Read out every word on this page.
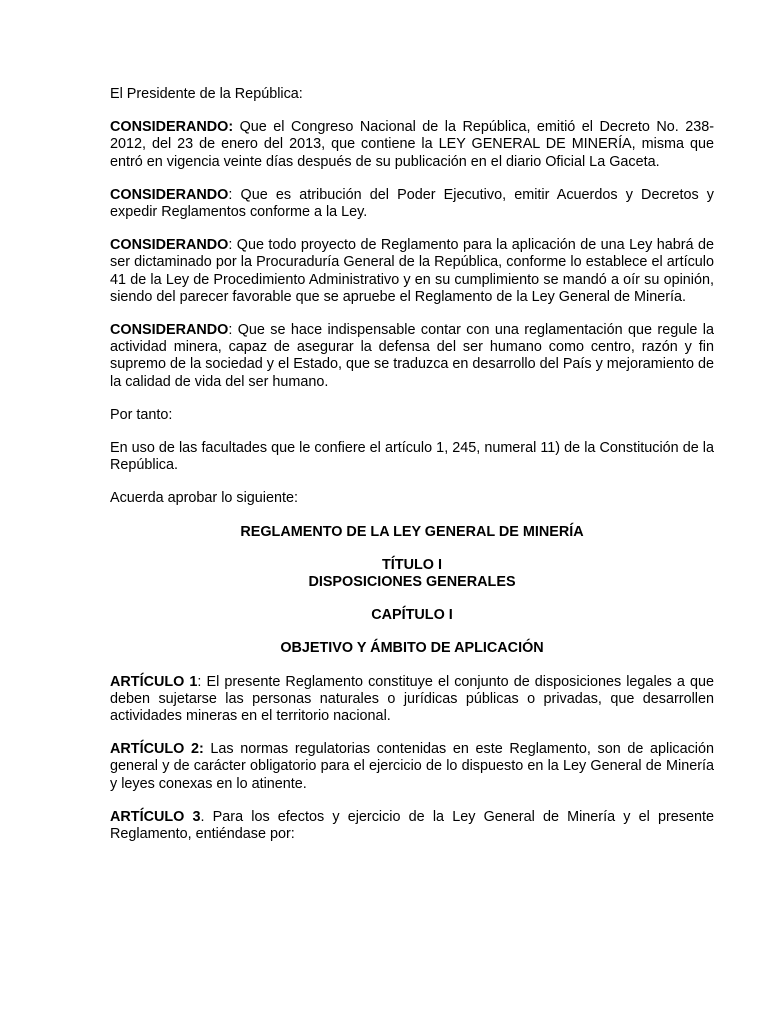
El Presidente de la República:

CONSIDERANDO: Que el Congreso Nacional de la República, emitió el Decreto No. 238-2012, del 23 de enero del 2013, que contiene la LEY GENERAL DE MINERÍA, misma que entró en vigencia veinte días después de su publicación en el diario Oficial La Gaceta.

CONSIDERANDO: Que es atribución del Poder Ejecutivo, emitir Acuerdos y Decretos y expedir Reglamentos conforme a la Ley.

CONSIDERANDO: Que todo proyecto de Reglamento para la aplicación de una Ley habrá de ser dictaminado por la Procuraduría General de la República, conforme lo establece el artículo 41 de la Ley de Procedimiento Administrativo y en su cumplimiento se mandó a oír su opinión, siendo del parecer favorable que se apruebe el Reglamento de la Ley General de Minería.

CONSIDERANDO: Que se hace indispensable contar con una reglamentación que regule la actividad minera, capaz de asegurar la defensa del ser humano como centro, razón y fin supremo de la sociedad y el Estado, que se traduzca en desarrollo del País y mejoramiento de la calidad de vida del ser humano.

Por tanto:

En uso de las facultades que le confiere el artículo 1, 245, numeral 11) de la Constitución de la República.

Acuerda aprobar lo siguiente:

REGLAMENTO DE LA LEY GENERAL DE MINERÍA

TÍTULO I

DISPOSICIONES GENERALES

CAPÍTULO I

OBJETIVO Y ÁMBITO DE APLICACIÓN

ARTÍCULO 1: El presente Reglamento constituye el conjunto de disposiciones legales a que deben sujetarse las personas naturales o jurídicas públicas o privadas, que desarrollen actividades mineras en el territorio nacional.

ARTÍCULO 2: Las normas regulatorias contenidas en este Reglamento, son de aplicación general y de carácter obligatorio para el ejercicio de lo dispuesto en la Ley General de Minería y leyes conexas en lo atinente.

ARTÍCULO 3. Para los efectos y ejercicio de la Ley General de Minería y el presente Reglamento, entiéndase por:
